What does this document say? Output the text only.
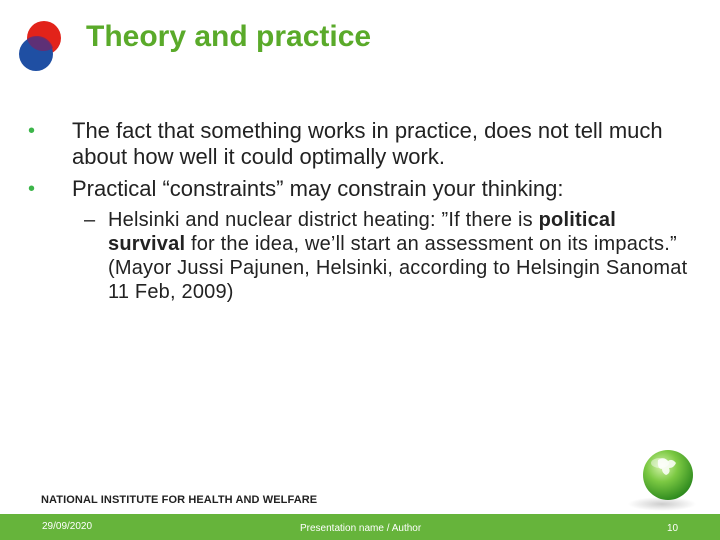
Theory and practice
•	The fact that something works in practice, does not tell much about how well it could optimally work.
•	Practical “constraints” may constrain your thinking:
– Helsinki and nuclear district heating: ”If there is political survival for the idea, we’ll start an assessment on its impacts.” (Mayor Jussi Pajunen, Helsinki, according to Helsingin Sanomat 11 Feb, 2009)
NATIONAL INSTITUTE FOR HEALTH AND WELFARE
29/09/2020	Presentation name / Author	10
